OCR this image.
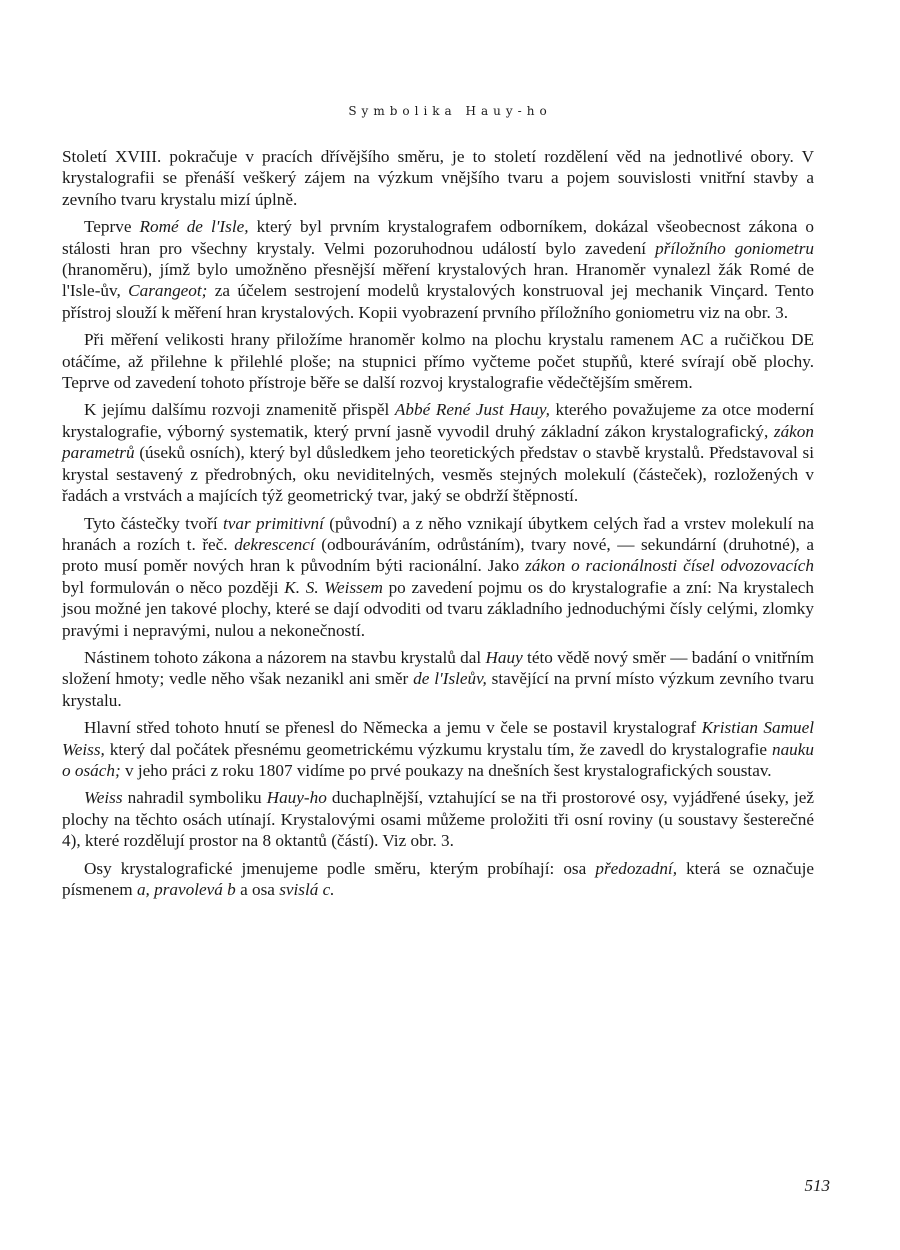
Symbolika Hauy-ho

Století XVIII. pokračuje v pracích dřívějšího směru, je to století rozdělení věd na jednotlivé obory. V krystalografii se přenáší veškerý zájem na výzkum vnějšího tvaru a pojem souvislosti vnitřní stavby a zevního tvaru krystalu mizí úplně.

Teprve Romé de l'Isle, který byl prvním krystalografem odborníkem, dokázal všeobecnost zákona o stálosti hran pro všechny krystaly. Velmi pozoruhodnou událostí bylo zavedení příložního goniometru (hranoměru), jímž bylo umožněno přesnější měření krystalových hran. Hranoměr vynalezl žák Romé de l'Isle-ův, Carangeot; za účelem sestrojení modelů krystalových konstruoval jej mechanik Vinçard. Tento přístroj slouží k měření hran krystalových. Kopii vyobrazení prvního příložního goniometru viz na obr. 3.

Při měření velikosti hrany přiložíme hranoměr kolmo na plochu krystalu ramenem AC a ručičkou DE otáčíme, až přilehne k přilehlé ploše; na stupnici přímo vyčteme počet stupňů, které svírají obě plochy. Teprve od zavedení tohoto přístroje běře se další rozvoj krystalografie vědečtějším směrem.

K jejímu dalšímu rozvoji znamenitě přispěl Abbé René Just Hauy, kterého považujeme za otce moderní krystalografie, výborný systematik, který první jasně vyvodil druhý základní zákon krystalografický, zákon parametrů (úseků osních), který byl důsledkem jeho teoretických představ o stavbě krystalů. Představoval si krystal sestavený z předrobných, oku neviditelných, vesměs stejných molekulí (částeček), rozložených v řadách a vrstvách a majících týž geometrický tvar, jaký se obdrží štěpností.

Tyto částečky tvoří tvar primitivní (původní) a z něho vznikají úbytkem celých řad a vrstev molekulí na hranách a rozích t. řeč. dekrescencí (odbouráváním, odrůstáním), tvary nové, — sekundární (druhotné), a proto musí poměr nových hran k původním býti racionální. Jako zákon o racionálnosti čísel odvozovacích byl formulován o něco později K. S. Weissem po zavedení pojmu os do krystalografie a zní: Na krystalech jsou možné jen takové plochy, které se dají odvoditi od tvaru základního jednoduchými čísly celými, zlomky pravými i nepravými, nulou a nekonečností.

Nástinem tohoto zákona a názorem na stavbu krystalů dal Hauy této vědě nový směr — badání o vnitřním složení hmoty; vedle něho však nezanikl ani směr de l'Isleův, stavějící na první místo výzkum zevního tvaru krystalu.

Hlavní střed tohoto hnutí se přenesl do Německa a jemu v čele se postavil krystalograf Kristian Samuel Weiss, který dal počátek přesnému geometrickému výzkumu krystalu tím, že zavedl do krystalografie nauku o osách; v jeho práci z roku 1807 vidíme po prvé poukazy na dnešních šest krystalografických soustav.

Weiss nahradil symboliku Hauy-ho duchaplnější, vztahující se na tři prostorové osy, vyjádřené úseky, jež plochy na těchto osách utínají. Krystalovými osami můžeme proložiti tři osní roviny (u soustavy šesterečné 4), které rozdělují prostor na 8 oktantů (částí). Viz obr. 3.

Osy krystalografické jmenujeme podle směru, kterým probíhají: osa předozadní, která se označuje písmenem a, pravolevá b a osa svislá c.

513
